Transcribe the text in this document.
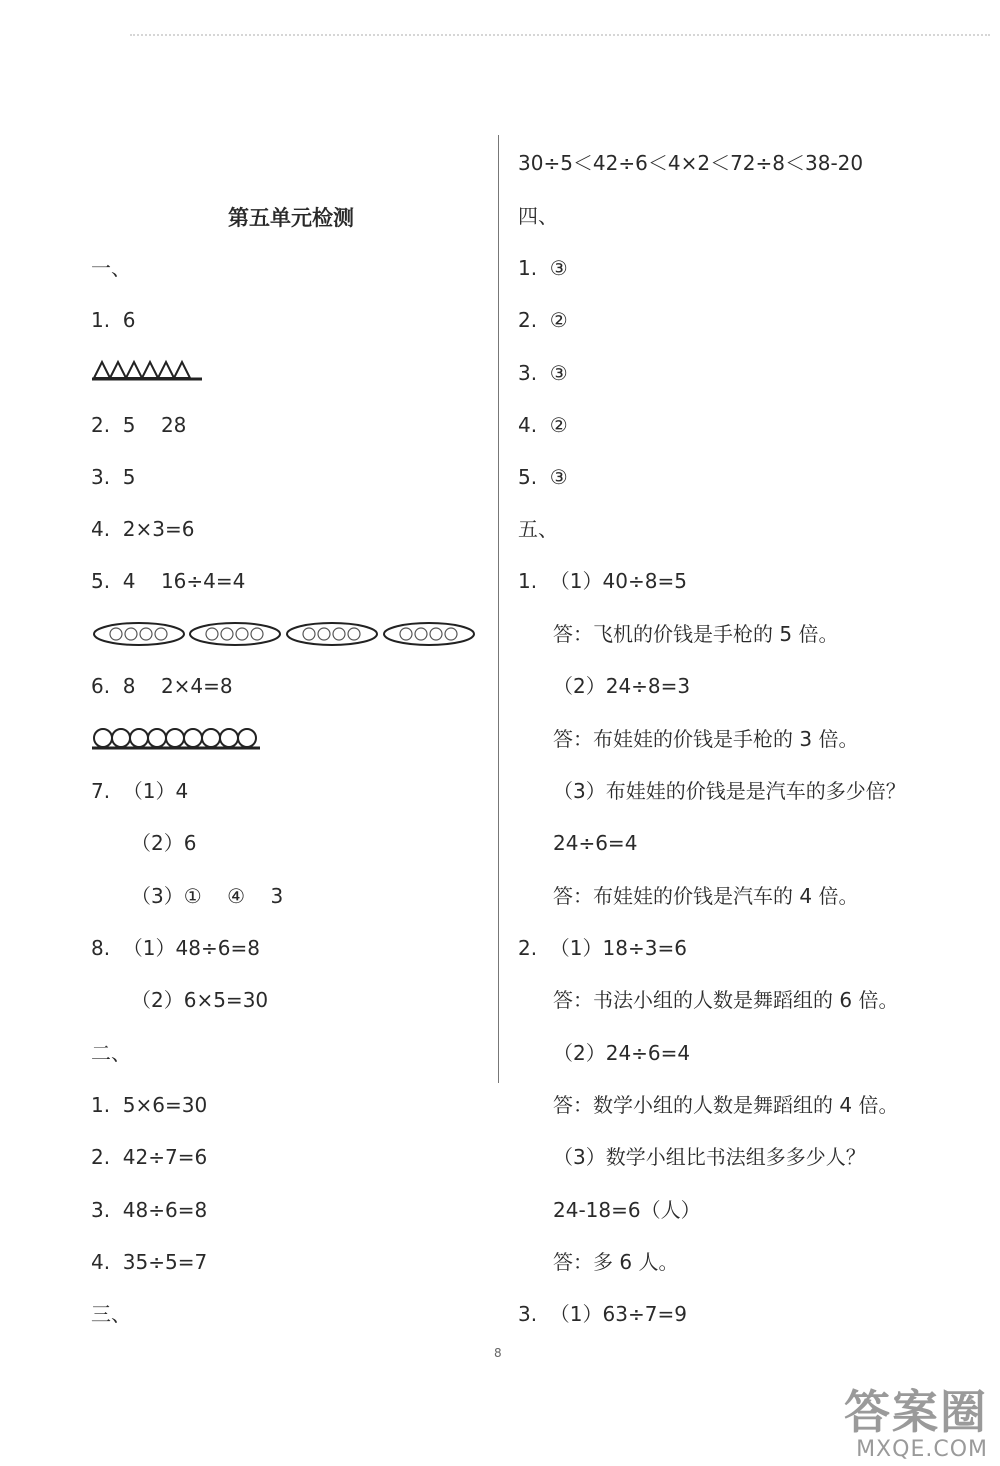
第五单元检测
一、
1.  6
2.  5    28
3.  5
4.  2×3=6
5.  4    16÷4=4
6.  8    2×4=8
7.  （1）4
（2）6
（3）①    ④    3
8.  （1）48÷6=8
（2）6×5=30
二、
1.  5×6=30
2.  42÷7=6
3.  48÷6=8
4.  35÷5=7
三、
30÷5＜42÷6＜4×2＜72÷8＜38-20
四、
1.  ③
2.  ②
3.  ③
4.  ②
5.  ③
五、
1.  （1）40÷8=5
答：飞机的价钱是手枪的 5 倍。
（2）24÷8=3
答：布娃娃的价钱是手枪的 3 倍。
（3）布娃娃的价钱是是汽车的多少倍？
24÷6=4
答：布娃娃的价钱是汽车的 4 倍。
2.  （1）18÷3=6
答：书法小组的人数是舞蹈组的 6 倍。
（2）24÷6=4
答：数学小组的人数是舞蹈组的 4 倍。
（3）数学小组比书法组多多少人？
24-18=6（人）
答：多 6 人。
3.  （1）63÷7=9
8
答案圈
MXQE.COM
